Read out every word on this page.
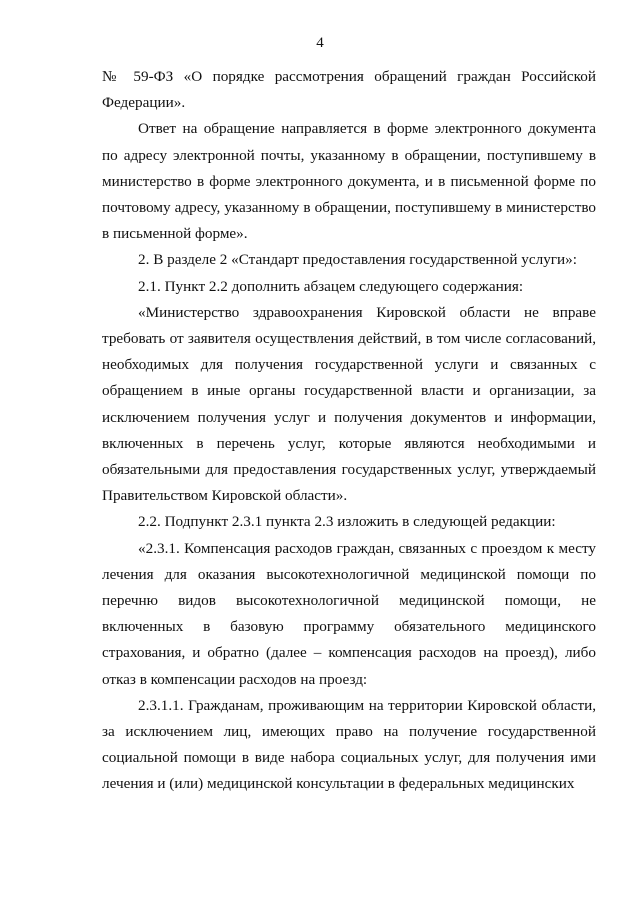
4

№ 59-ФЗ «О порядке рассмотрения обращений граждан Российской Федерации».

Ответ на обращение направляется в форме электронного документа по адресу электронной почты, указанному в обращении, поступившему в министерство в форме электронного документа, и в письменной форме по почтовому адресу, указанному в обращении, поступившему в министерство в письменной форме».

2. В разделе 2 «Стандарт предоставления государственной услуги»:

2.1. Пункт 2.2 дополнить абзацем следующего содержания:

«Министерство здравоохранения Кировской области не вправе требовать от заявителя осуществления действий, в том числе согласований, необходимых для получения государственной услуги и связанных с обращением в иные органы государственной власти и организации, за исключением получения услуг и получения документов и информации, включенных в перечень услуг, которые являются необходимыми и обязательными для предоставления государственных услуг, утверждаемый Правительством Кировской области».

2.2. Подпункт 2.3.1 пункта 2.3 изложить в следующей редакции:

«2.3.1. Компенсация расходов граждан, связанных с проездом к месту лечения для оказания высокотехнологичной медицинской помощи по перечню видов высокотехнологичной медицинской помощи, не включенных в базовую программу обязательного медицинского страхования, и обратно (далее – компенсация расходов на проезд), либо отказ в компенсации расходов на проезд:

2.3.1.1. Гражданам, проживающим на территории Кировской области, за исключением лиц, имеющих право на получение государственной социальной помощи в виде набора социальных услуг, для получения ими лечения и (или) медицинской консультации в федеральных медицинских
